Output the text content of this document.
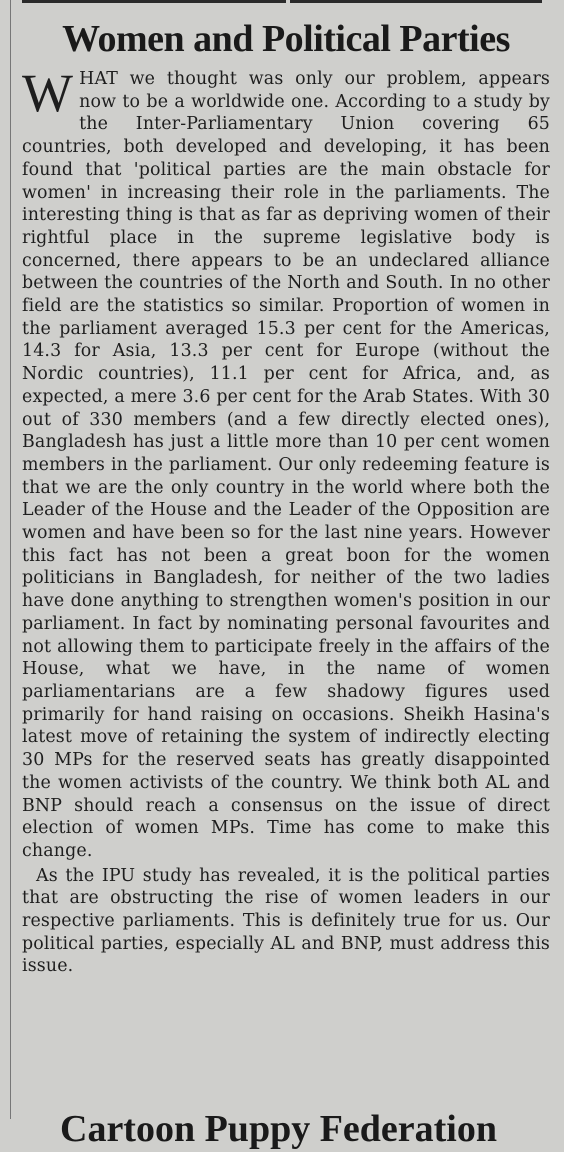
Women and Political Parties

WHAT we thought was only our problem, appears now to be a worldwide one. According to a study by the Inter-Parliamentary Union covering 65 countries, both developed and developing, it has been found that 'political parties are the main obstacle for women' in increasing their role in the parliaments. The interesting thing is that as far as depriving women of their rightful place in the supreme legislative body is concerned, there appears to be an undeclared alliance between the countries of the North and South. In no other field are the statistics so similar. Proportion of women in the parliament averaged 15.3 per cent for the Americas, 14.3 for Asia, 13.3 per cent for Europe (without the Nordic countries), 11.1 per cent for Africa, and, as expected, a mere 3.6 per cent for the Arab States. With 30 out of 330 members (and a few directly elected ones), Bangladesh has just a little more than 10 per cent women members in the parliament. Our only redeeming feature is that we are the only country in the world where both the Leader of the House and the Leader of the Opposition are women and have been so for the last nine years. However this fact has not been a great boon for the women politicians in Bangladesh, for neither of the two ladies have done anything to strengthen women's position in our parliament. In fact by nominating personal favourites and not allowing them to participate freely in the affairs of the House, what we have, in the name of women parliamentarians are a few shadowy figures used primarily for hand raising on occasions. Sheikh Hasina's latest move of retaining the system of indirectly electing 30 MPs for the reserved seats has greatly disappointed the women activists of the country. We think both AL and BNP should reach a consensus on the issue of direct election of women MPs. Time has come to make this change.

As the IPU study has revealed, it is the political parties that are obstructing the rise of women leaders in our respective parliaments. This is definitely true for us. Our political parties, especially AL and BNP, must address this issue.

Cartoon Puppy Federation
